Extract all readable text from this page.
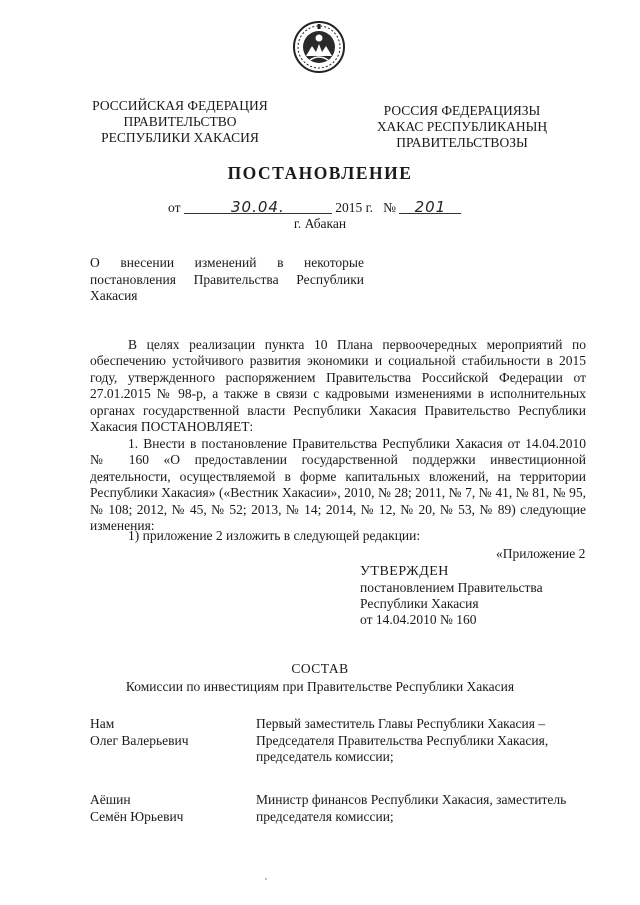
РОССИЙСКАЯ ФЕДЕРАЦИЯ
ПРАВИТЕЛЬСТВО
РЕСПУБЛИКИ ХАКАСИЯ
РОССИЯ ФЕДЕРАЦИЯЗЫ
ХАКАС РЕСПУБЛИКАНЫҢ
ПРАВИТЕЛЬСТВОЗЫ
ПОСТАНОВЛЕНИЕ
от	30.04.	2015 г. № 201
г. Абакан
О внесении изменений в некоторые постановления Правительства Республики Хакасия
В целях реализации пункта 10 Плана первоочередных мероприятий по обеспечению устойчивого развития экономики и социальной стабильности в 2015 году, утвержденного распоряжением Правительства Российской Федерации от 27.01.2015 № 98-р, а также в связи с кадровыми изменениями в исполнительных органах государственной власти Республики Хакасия Правительство Республики Хакасия ПОСТАНОВЛЯЕТ:
1. Внести в постановление Правительства Республики Хакасия от 14.04.2010 № 160 «О предоставлении государственной поддержки инвестиционной деятельности, осуществляемой в форме капитальных вложений, на территории Республики Хакасия» («Вестник Хакасии», 2010, № 28; 2011, № 7, № 41, № 81, № 95, № 108; 2012, № 45, № 52; 2013, № 14; 2014, № 12, № 20, № 53, № 89) следующие изменения:
1) приложение 2 изложить в следующей редакции:
«Приложение 2
УТВЕРЖДЕН
постановлением Правительства
Республики Хакасия
от 14.04.2010 № 160
СОСТАВ
Комиссии по инвестициям при Правительстве Республики Хакасия
Нам
Олег Валерьевич
Первый заместитель Главы Республики Хакасия – Председателя Правительства Республики Хакасия, председатель комиссии;
Аёшин
Семён Юрьевич
Министр финансов Республики Хакасия, заместитель председателя комиссии;
